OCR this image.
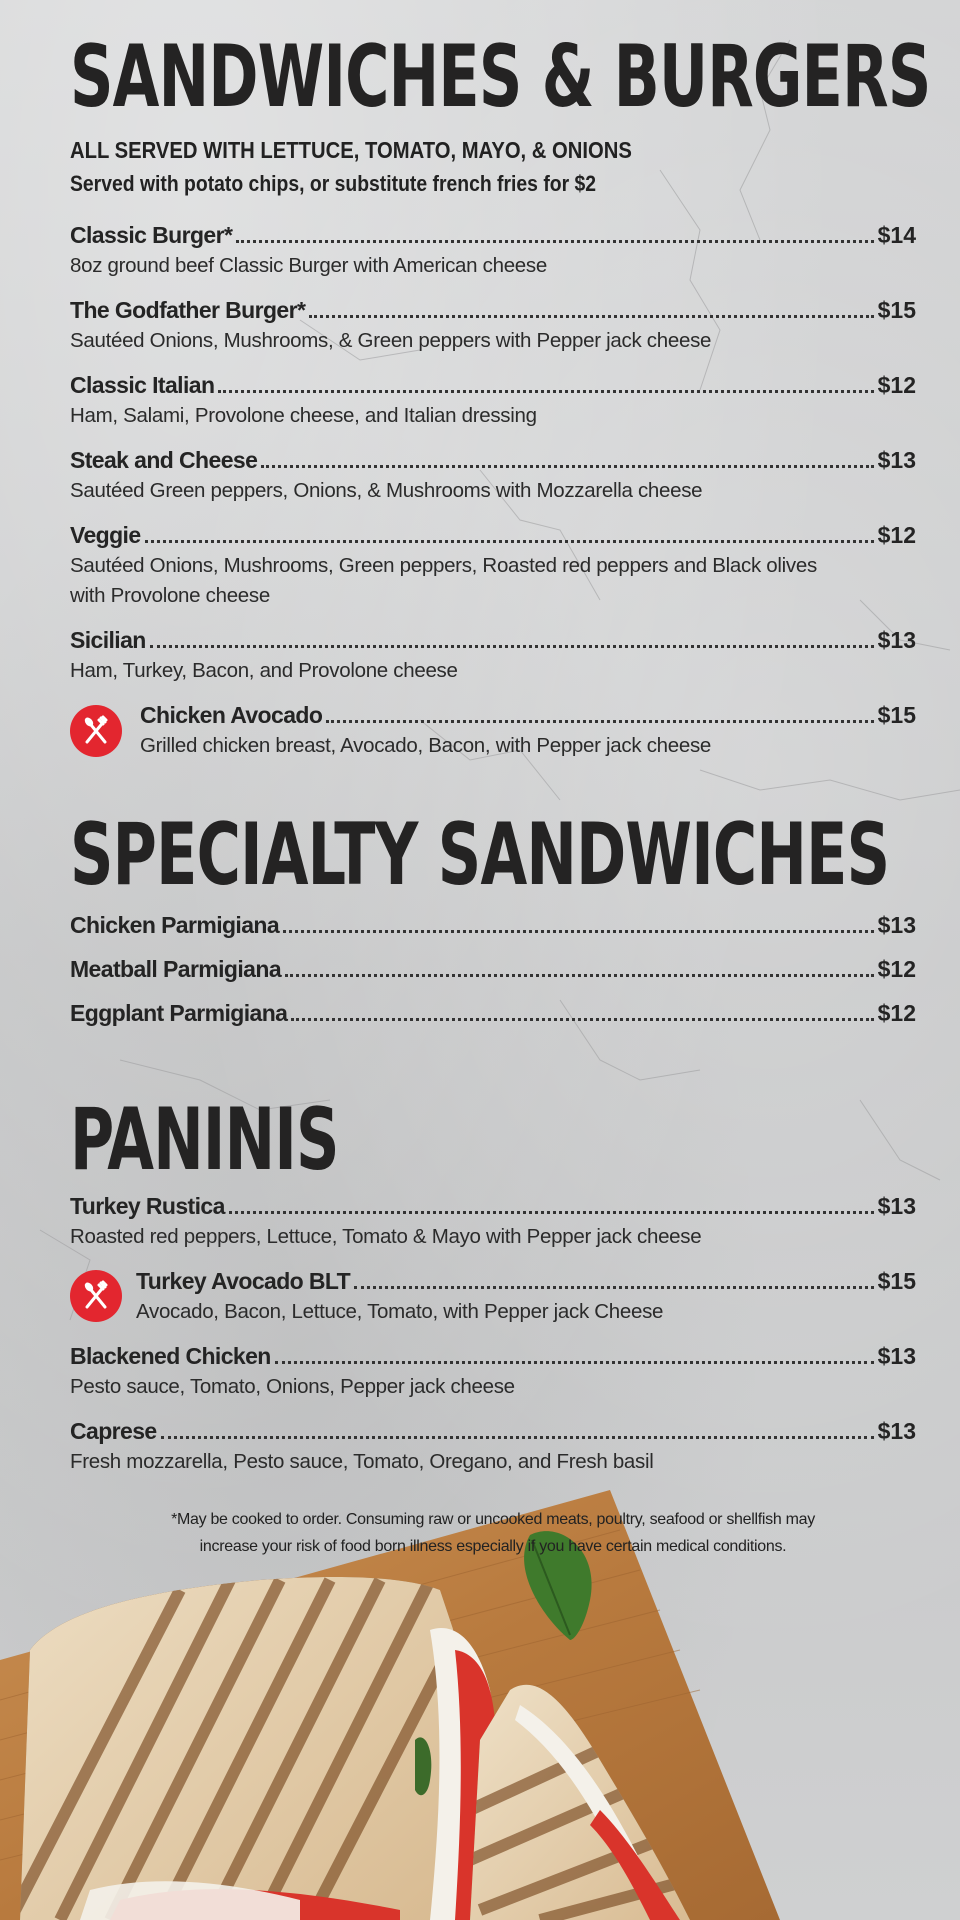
SANDWICHES & BURGERS
ALL SERVED WITH LETTUCE, TOMATO, MAYO, & ONIONS
Served with potato chips, or substitute french fries for $2
Classic Burger*	$14
8oz ground beef Classic Burger with American cheese
The Godfather Burger*	$15
Sautéed Onions, Mushrooms, & Green peppers with Pepper jack cheese
Classic Italian	$12
Ham, Salami, Provolone cheese, and Italian dressing
Steak and Cheese	$13
Sautéed Green peppers, Onions, & Mushrooms with Mozzarella cheese
Veggie	$12
Sautéed Onions, Mushrooms, Green peppers, Roasted red peppers and Black olives
with Provolone cheese
Sicilian	$13
Ham, Turkey, Bacon, and Provolone cheese
Chicken Avocado	$15
Grilled chicken breast, Avocado, Bacon, with Pepper jack cheese
SPECIALTY SANDWICHES
Chicken Parmigiana	$13
Meatball Parmigiana	$12
Eggplant Parmigiana	$12
PANINIS
Turkey Rustica	$13
Roasted red peppers, Lettuce, Tomato & Mayo with Pepper jack cheese
Turkey Avocado BLT	$15
Avocado, Bacon, Lettuce, Tomato, with Pepper jack Cheese
Blackened Chicken	$13
Pesto sauce, Tomato, Onions, Pepper jack cheese
Caprese	$13
Fresh mozzarella, Pesto sauce, Tomato, Oregano, and Fresh basil
*May be cooked to order. Consuming raw or uncooked meats, poultry, seafood or shellfish may
increase your risk of food born illness especially if you have certain medical conditions.
